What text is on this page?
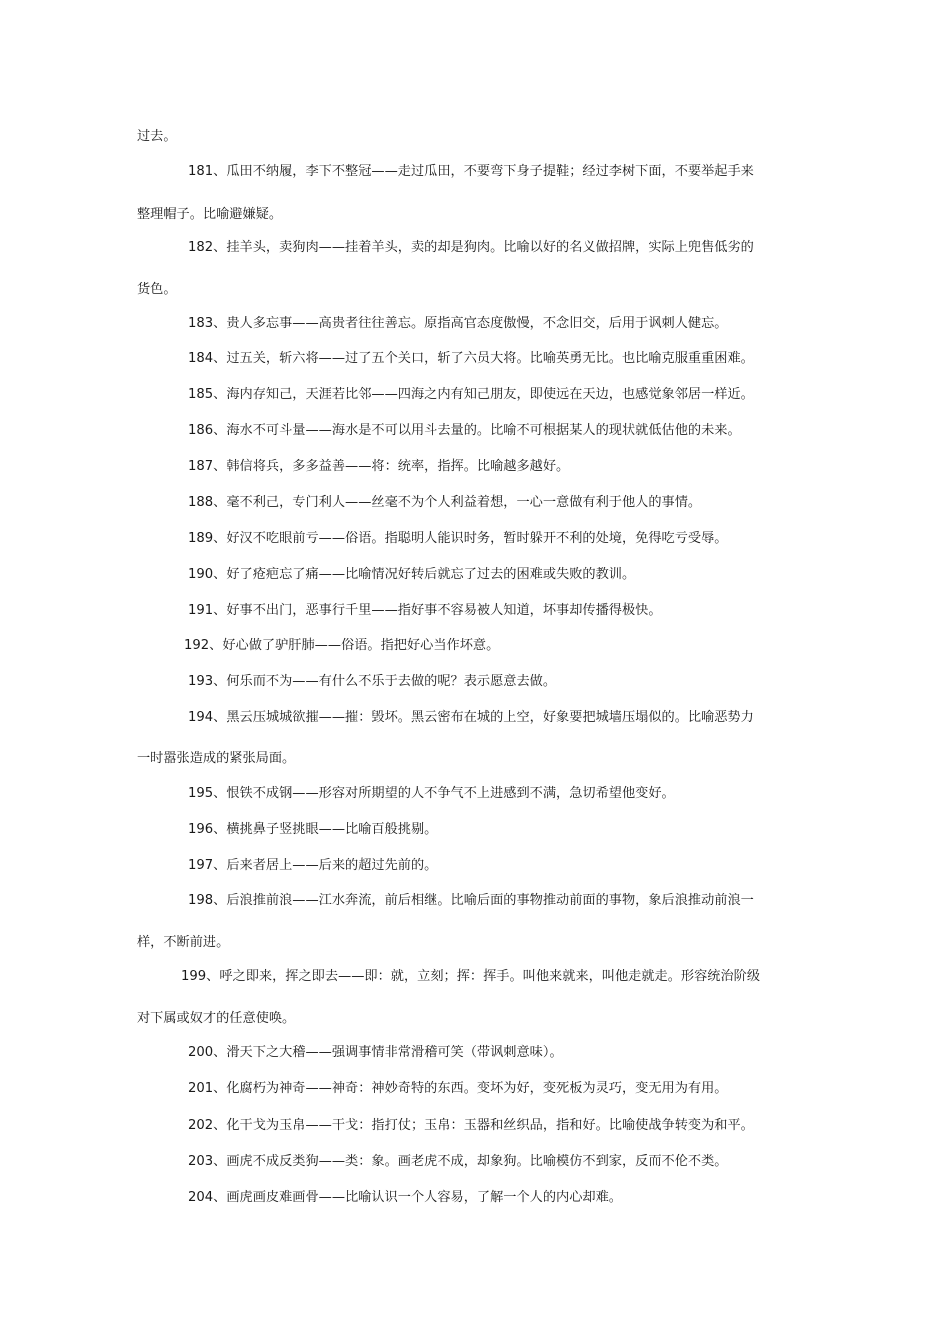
过去。
181、瓜田不纳履，李下不整冠——走过瓜田，不要弯下身子提鞋；经过李树下面，不要举起手来
整理帽子。比喻避嫌疑。
182、挂羊头，卖狗肉——挂着羊头，卖的却是狗肉。比喻以好的名义做招牌，实际上兜售低劣的
货色。
183、贵人多忘事——高贵者往往善忘。原指高官态度傲慢，不念旧交，后用于讽刺人健忘。
184、过五关，斩六将——过了五个关口，斩了六员大将。比喻英勇无比。也比喻克服重重困难。
185、海内存知己，天涯若比邻——四海之内有知己朋友，即使远在天边，也感觉象邻居一样近。
186、海水不可斗量——海水是不可以用斗去量的。比喻不可根据某人的现状就低估他的未来。
187、韩信将兵，多多益善——将：统率，指挥。比喻越多越好。
188、毫不利己，专门利人——丝毫不为个人利益着想，一心一意做有利于他人的事情。
189、好汉不吃眼前亏——俗语。指聪明人能识时务，暂时躲开不利的处境，免得吃亏受辱。
190、好了疮疤忘了痛——比喻情况好转后就忘了过去的困难或失败的教训。
191、好事不出门，恶事行千里——指好事不容易被人知道，坏事却传播得极快。
192、好心做了驴肝肺——俗语。指把好心当作坏意。
193、何乐而不为——有什么不乐于去做的呢？表示愿意去做。
194、黑云压城城欲摧——摧：毁坏。黑云密布在城的上空，好象要把城墙压塌似的。比喻恶势力
一时嚣张造成的紧张局面。
195、恨铁不成钢——形容对所期望的人不争气不上进感到不满，急切希望他变好。
196、横挑鼻子竖挑眼——比喻百般挑剔。
197、后来者居上——后来的超过先前的。
198、后浪推前浪——江水奔流，前后相继。比喻后面的事物推动前面的事物，象后浪推动前浪一
样，不断前进。
199、呼之即来，挥之即去——即：就，立刻；挥：挥手。叫他来就来，叫他走就走。形容统治阶级
对下属或奴才的任意使唤。
200、滑天下之大稽——强调事情非常滑稽可笑（带讽刺意味）。
201、化腐朽为神奇——神奇：神妙奇特的东西。变坏为好，变死板为灵巧，变无用为有用。
202、化干戈为玉帛——干戈：指打仗；玉帛：玉器和丝织品，指和好。比喻使战争转变为和平。
203、画虎不成反类狗——类：象。画老虎不成，却象狗。比喻模仿不到家，反而不伦不类。
204、画虎画皮难画骨——比喻认识一个人容易，了解一个人的内心却难。
